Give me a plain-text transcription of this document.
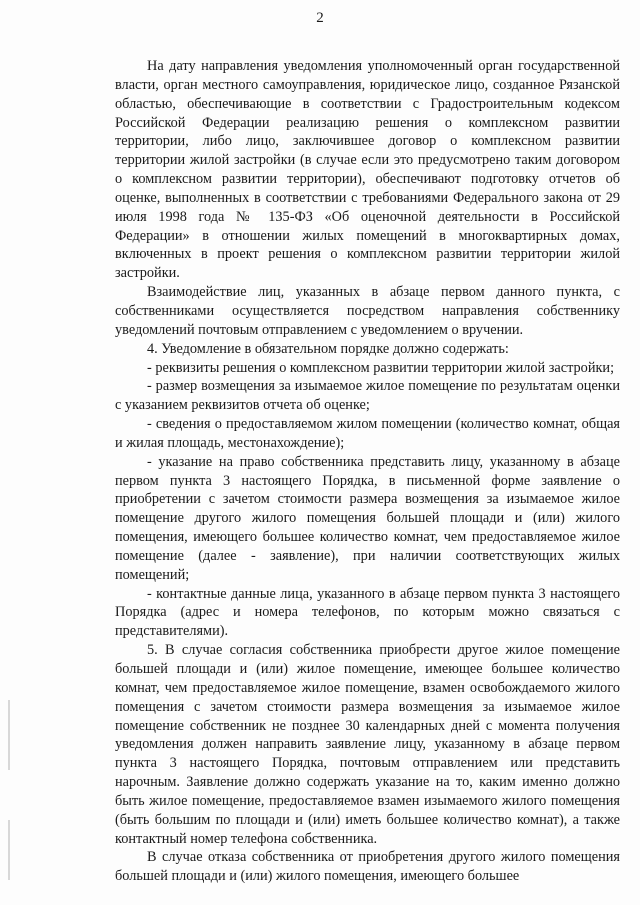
2

На дату направления уведомления уполномоченный орган государственной власти, орган местного самоуправления, юридическое лицо, созданное Рязанской областью, обеспечивающие в соответствии с Градостроительным кодексом Российской Федерации реализацию решения о комплексном развитии территории, либо лицо, заключившее договор о комплексном развитии территории жилой застройки (в случае если это предусмотрено таким договором о комплексном развитии территории), обеспечивают подготовку отчетов об оценке, выполненных в соответствии с требованиями Федерального закона от 29 июля 1998 года № 135-ФЗ «Об оценочной деятельности в Российской Федерации» в отношении жилых помещений в многоквартирных домах, включенных в проект решения о комплексном развитии территории жилой застройки.

Взаимодействие лиц, указанных в абзаце первом данного пункта, с собственниками осуществляется посредством направления собственнику уведомлений почтовым отправлением с уведомлением о вручении.

4. Уведомление в обязательном порядке должно содержать:

- реквизиты решения о комплексном развитии территории жилой застройки;

- размер возмещения за изымаемое жилое помещение по результатам оценки с указанием реквизитов отчета об оценке;

- сведения о предоставляемом жилом помещении (количество комнат, общая и жилая площадь, местонахождение);

- указание на право собственника представить лицу, указанному в абзаце первом пункта 3 настоящего Порядка, в письменной форме заявление о приобретении с зачетом стоимости размера возмещения за изымаемое жилое помещение другого жилого помещения большей площади и (или) жилого помещения, имеющего большее количество комнат, чем предоставляемое жилое помещение (далее - заявление), при наличии соответствующих жилых помещений;

- контактные данные лица, указанного в абзаце первом пункта 3 настоящего Порядка (адрес и номера телефонов, по которым можно связаться с представителями).

5. В случае согласия собственника приобрести другое жилое помещение большей площади и (или) жилое помещение, имеющее большее количество комнат, чем предоставляемое жилое помещение, взамен освобождаемого жилого помещения с зачетом стоимости размера возмещения за изымаемое жилое помещение собственник не позднее 30 календарных дней с момента получения уведомления должен направить заявление лицу, указанному в абзаце первом пункта 3 настоящего Порядка, почтовым отправлением или представить нарочным. Заявление должно содержать указание на то, каким именно должно быть жилое помещение, предоставляемое взамен изымаемого жилого помещения (быть большим по площади и (или) иметь большее количество комнат), а также контактный номер телефона собственника.

В случае отказа собственника от приобретения другого жилого помещения большей площади и (или) жилого помещения, имеющего большее
